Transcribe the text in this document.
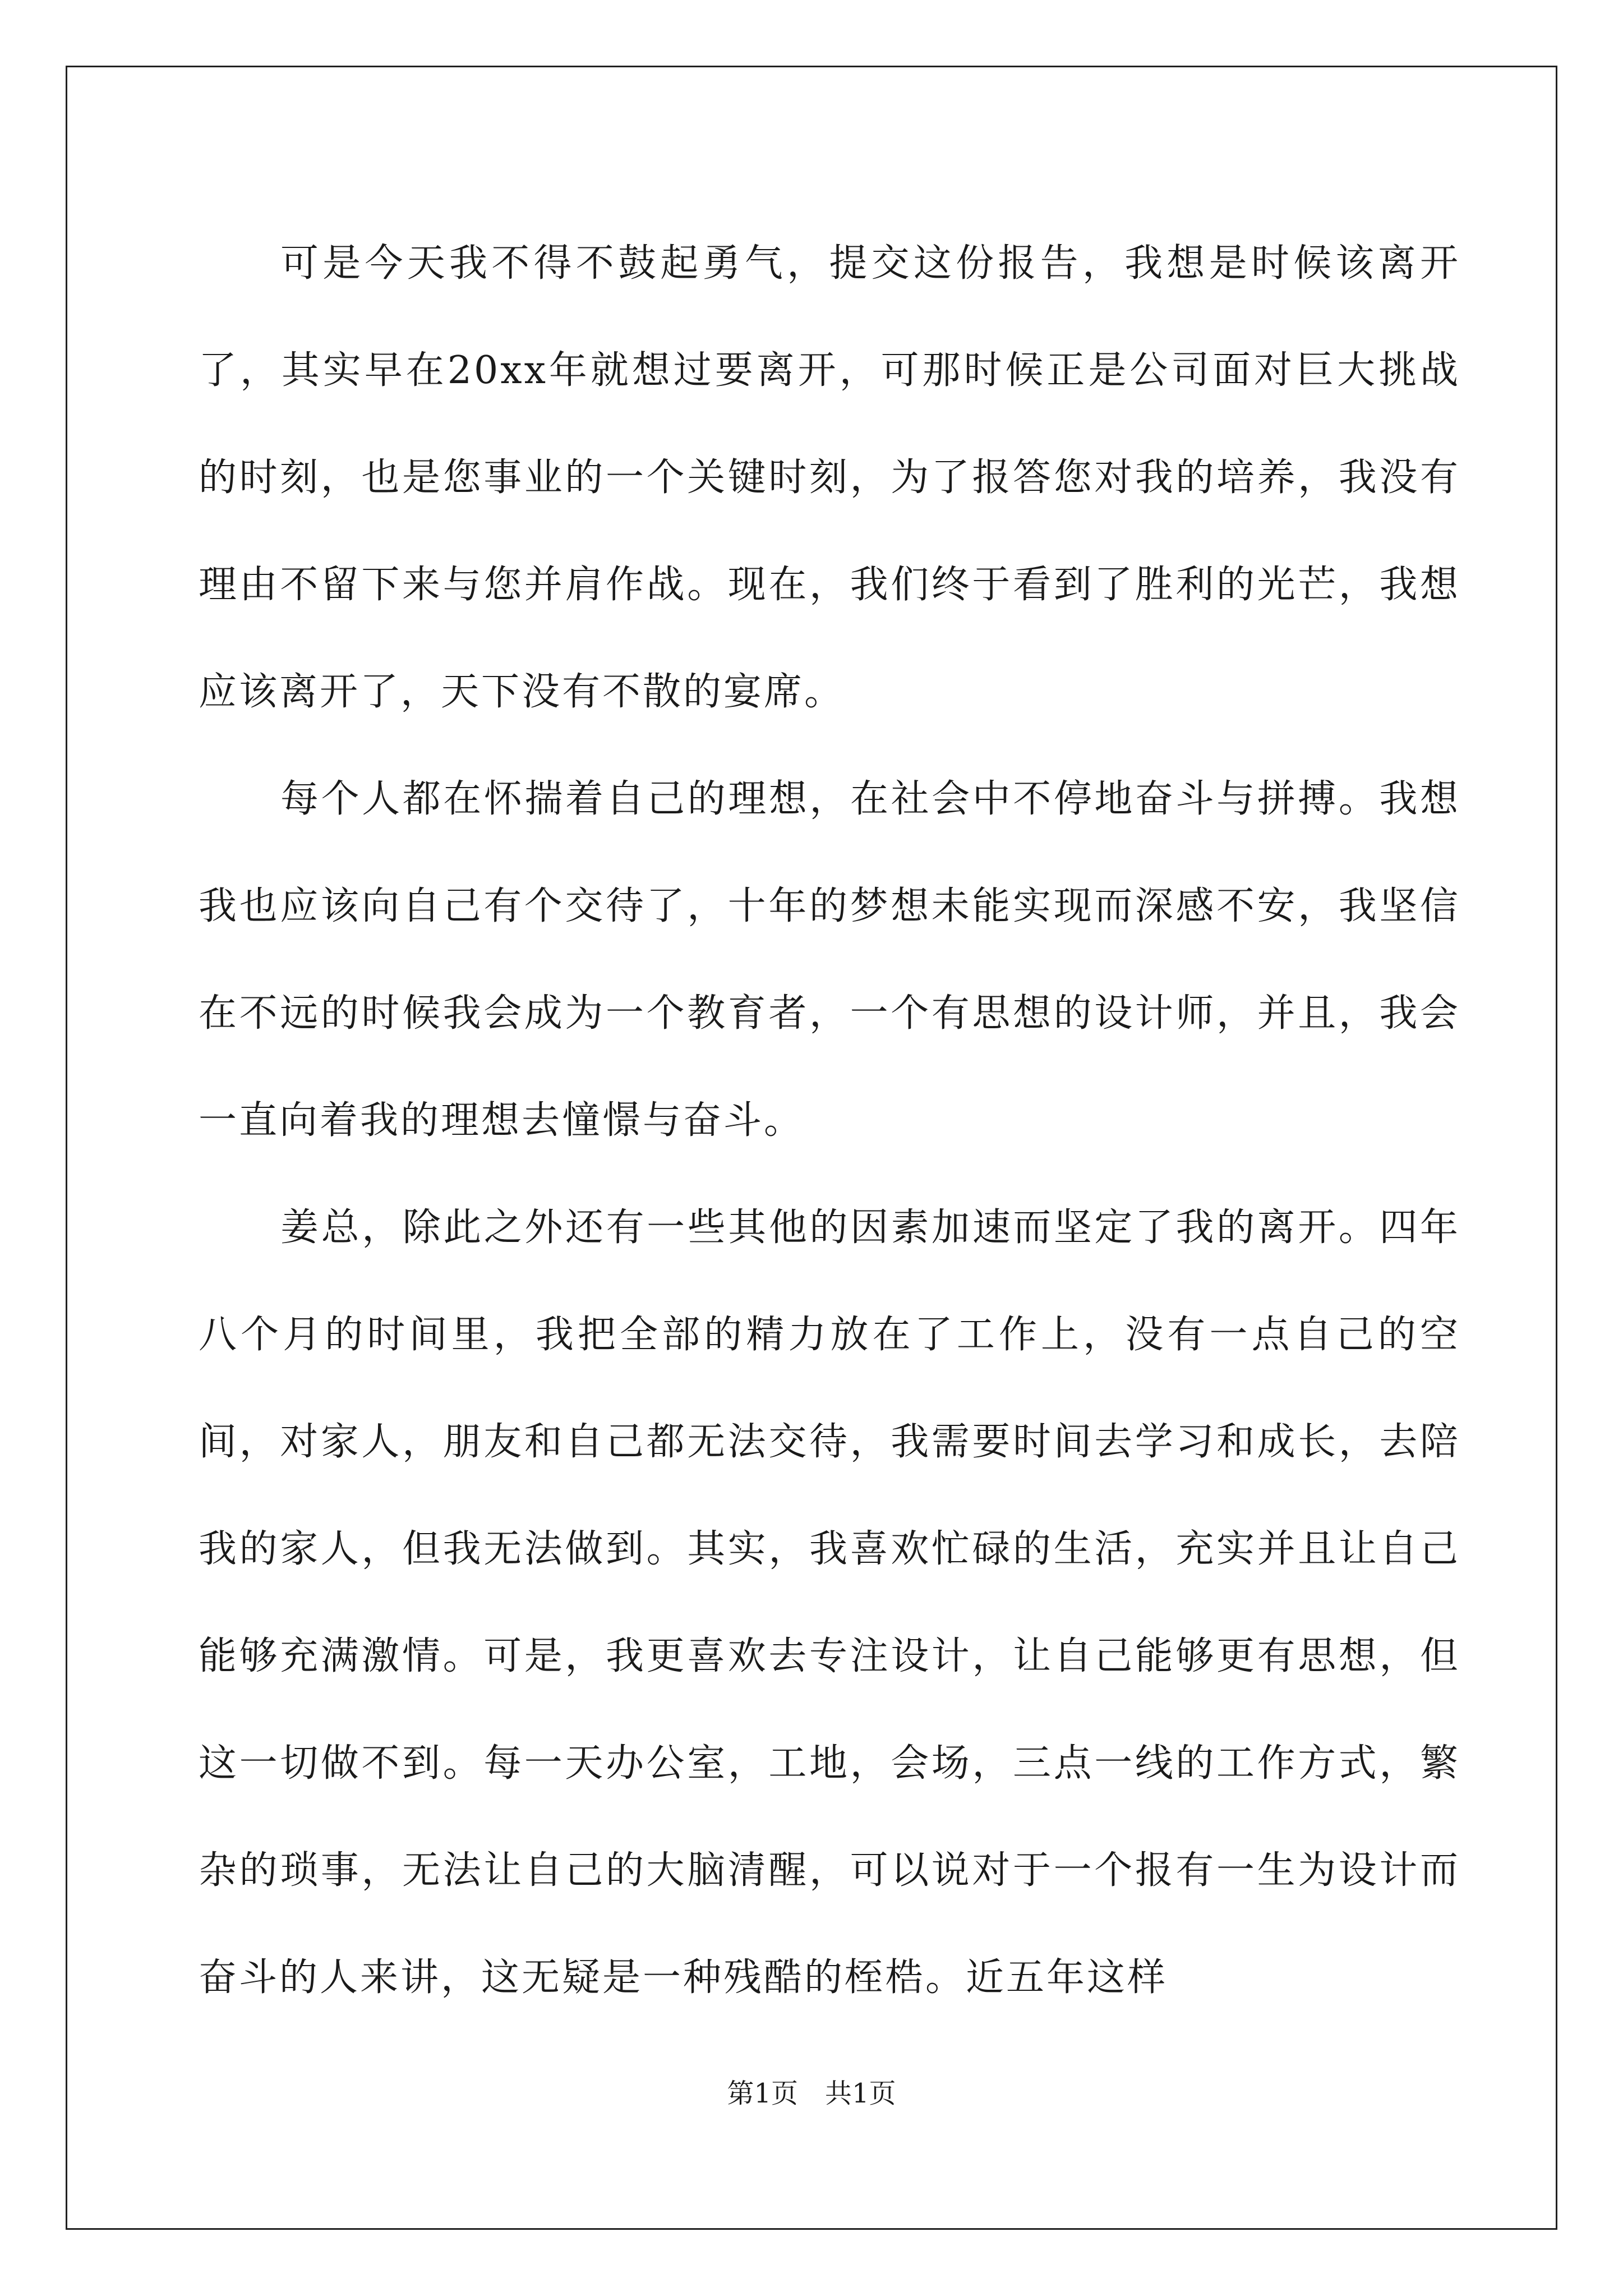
可是今天我不得不鼓起勇气，提交这份报告，我想是时候该离开了，其实早在20xx年就想过要离开，可那时候正是公司面对巨大挑战的时刻，也是您事业的一个关键时刻，为了报答您对我的培养，我没有理由不留下来与您并肩作战。现在，我们终于看到了胜利的光芒，我想应该离开了，天下没有不散的宴席。

每个人都在怀揣着自己的理想，在社会中不停地奋斗与拼搏。我想我也应该向自己有个交待了，十年的梦想未能实现而深感不安，我坚信在不远的时候我会成为一个教育者，一个有思想的设计师，并且，我会一直向着我的理想去憧憬与奋斗。

姜总，除此之外还有一些其他的因素加速而坚定了我的离开。四年八个月的时间里，我把全部的精力放在了工作上，没有一点自己的空间，对家人，朋友和自己都无法交待，我需要时间去学习和成长，去陪我的家人，但我无法做到。其实，我喜欢忙碌的生活，充实并且让自己能够充满激情。可是，我更喜欢去专注设计，让自己能够更有思想，但这一切做不到。每一天办公室，工地，会场，三点一线的工作方式，繁杂的琐事，无法让自己的大脑清醒，可以说对于一个报有一生为设计而奋斗的人来讲，这无疑是一种残酷的桎梏。近五年这样

第1页 共1页
